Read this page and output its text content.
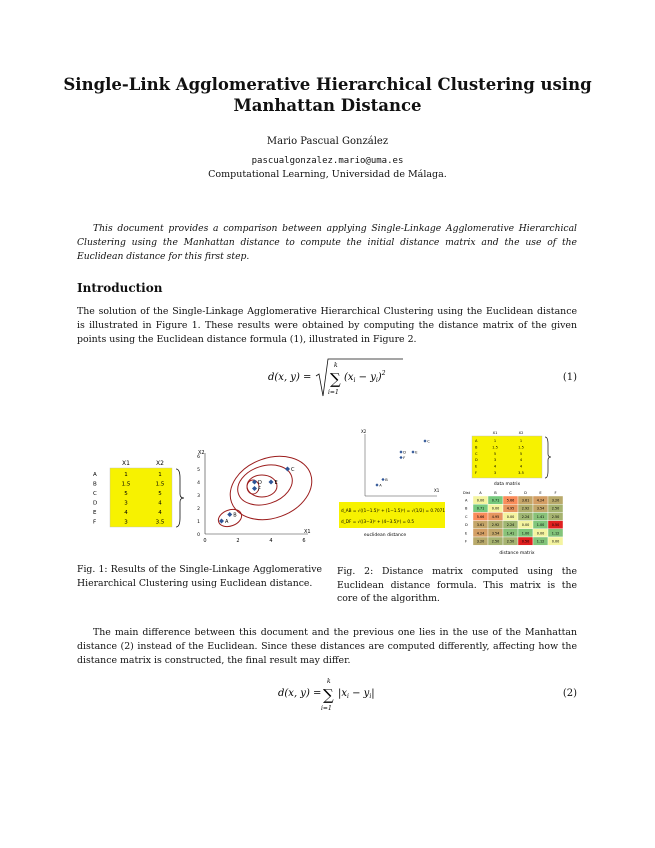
Single-Link Agglomerative Hierarchical Clustering using
Manhattan Distance
Mario Pascual González
pascualgonzalez.mario@uma.es
Computational Learning, Universidad de Málaga.
This document provides a comparison between applying Single-Linkage Agglomerative Hierarchical Clustering using the Manhattan distance to compute the initial distance matrix and the use of the Euclidean distance for this first step.
Introduction
The solution of the Single-Linkage Agglomerative Hierarchical Clustering using the Euclidean distance is illustrated in Figure 1. These results were obtained by computing the distance matrix of the given points using the Euclidean distance formula (1), illustrated in Figure 2.
d(x, y) =
k
∑
i=1
$(x_i - y_i)^2$	(1)
X1	X2
A	1	1
B	1.5	1.5
C	5	5
D	3	4
E	4	4
F	3	3.5
X1
X2
0	2	4	6
0
1
2
3
4
5
6
A
B
C
D	E
F
Fig. 1: Results of the Single-Linkage Agglomerative Hierarchical Clustering using Euclidean distance.
X2
X1
A
B
C
D	E
F
X1	X2
A	1	1
B	1.5	1.5
C	5	5
D	3	4
E	4	4
F	3	3.5
data matrix
d_AB = √((1−1.5)² + (1−1.5)²) = √(1/2) = 0.7071
d_DF = √((3−3)² + (4−3.5)²) = 0.5
euclidean distance
Dist	A	B	C	D	E	F
A	0.00 0.71 5.66 3.61 4.24 3.20
B	0.71 0.00 4.95 2.92 3.54 2.50
C	5.66 4.95 0.00 2.24 1.41 2.50
D	3.61 2.92 2.24 0.00 1.00 0.50
E	4.24 3.54 1.41 1.00 0.00 1.12
F	3.20 2.50 2.50 0.50 1.12 0.00
distance matrix
Fig. 2: Distance matrix computed using the Euclidean distance formula. This matrix is the core of the algorithm.
The main difference between this document and the previous one lies in the use of the Manhattan distance (2) instead of the Euclidean. Since these distances are computed differently, affecting how the distance matrix is constructed, the final result may differ.
d(x, y) =
k
∑
i=1
$|x_i - y_i|$	(2)
